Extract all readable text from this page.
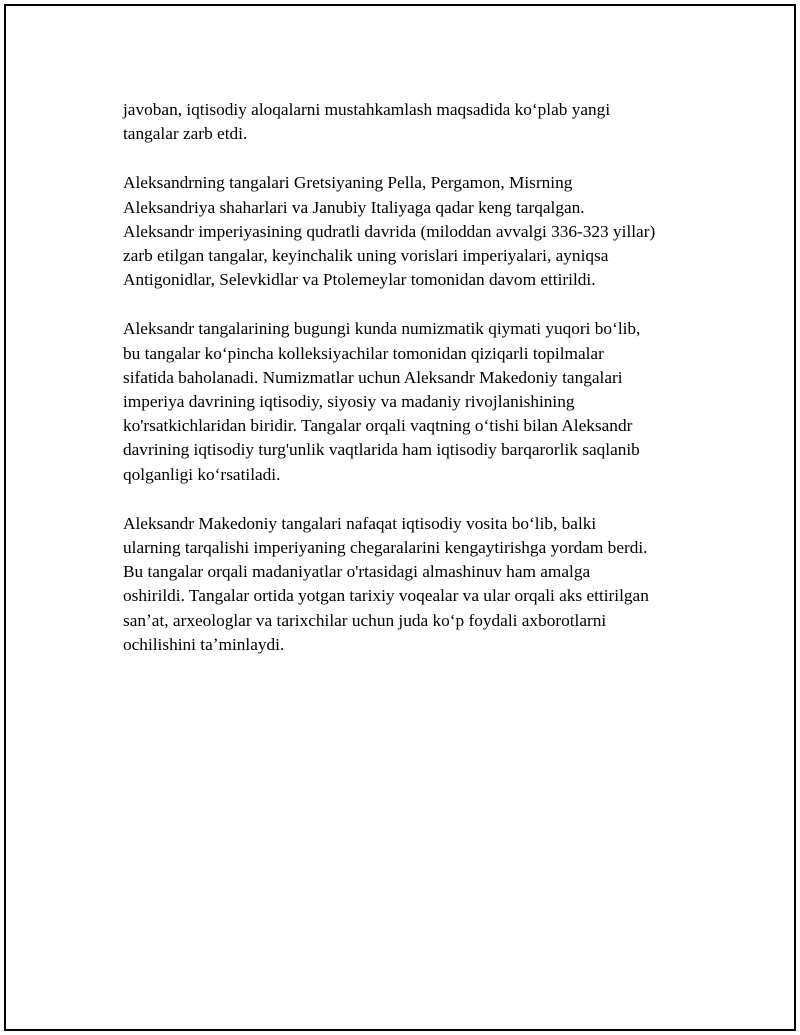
javoban, iqtisodiy aloqalarni mustahkamlash maqsadida koʻplab yangi
tangalar zarb etdi.

Aleksandrning tangalari Gretsiyaning Pella, Pergamon, Misrning
Aleksandriya shaharlari va Janubiy Italiyaga qadar keng tarqalgan.
Aleksandr imperiyasining qudratli davrida (miloddan avvalgi 336-323 yillar)
zarb etilgan tangalar, keyinchalik uning vorislari imperiyalari, ayniqsa
Antigonidlar, Selevkidlar va Ptolemeylar tomonidan davom ettirildi.

Aleksandr tangalarining bugungi kunda numizmatik qiymati yuqori boʻlib,
bu tangalar koʻpincha kolleksiyachilar tomonidan qiziqarli topilmalar
sifatida baholanadi. Numizmatlar uchun Aleksandr Makedoniy tangalari
imperiya davrining iqtisodiy, siyosiy va madaniy rivojlanishining
ko'rsatkichlaridan biridir. Tangalar orqali vaqtning oʻtishi bilan Aleksandr
davrining iqtisodiy turg'unlik vaqtlarida ham iqtisodiy barqarorlik saqlanib
qolganligi koʻrsatiladi.

Aleksandr Makedoniy tangalari nafaqat iqtisodiy vosita boʻlib, balki
ularning tarqalishi imperiyaning chegaralarini kengaytirishga yordam berdi.
Bu tangalar orqali madaniyatlar o'rtasidagi almashinuv ham amalga
oshirildi. Tangalar ortida yotgan tarixiy voqealar va ular orqali aks ettirilgan
sanʼat, arxeologlar va tarixchilar uchun juda koʻp foydali axborotlarni
ochilishini taʼminlaydi.
